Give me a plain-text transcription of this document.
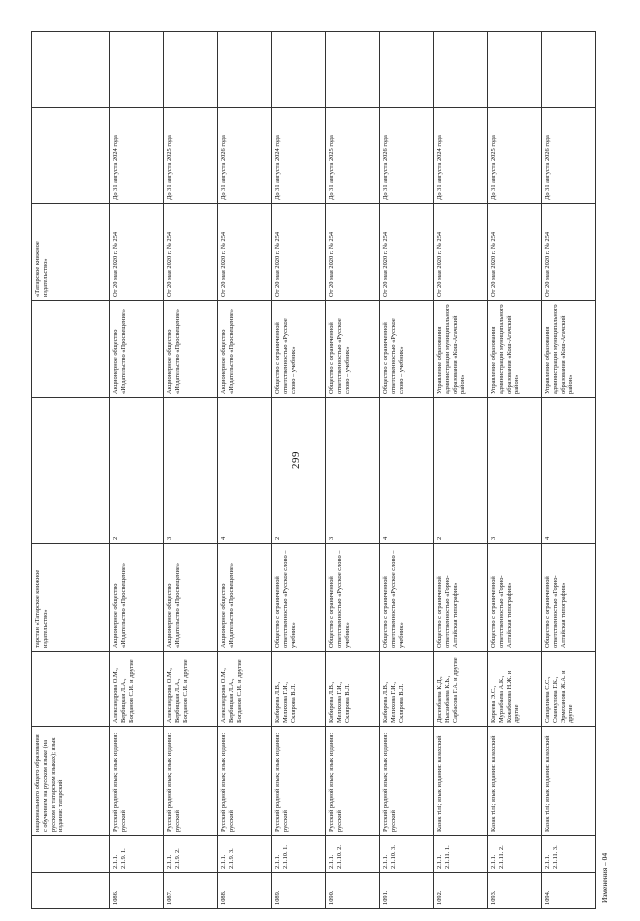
299
		национального общего образования с обучением на русском языке (на русском и татарском языках); язык издания: татарский		тарстан «Татарское книжное издательство»			«Татарское книжное издательство»		
1086.	2.1.1. 2.1.9. 1.	Русский родной язык; язык издания: русский	Александрова О.М., Вербицкая Л.А., Богданов С.И. и другие	Акционерное общество «Издательство «Просвещение»	2	Акционерное общество «Издательство «Просвещение»	От 20 мая 2020 г. № 254	До 31 августа 2024 года	
1087.	2.1.1. 2.1.9. 2.	Русский родной язык; язык издания: русский	Александрова О.М., Вербицкая Л.А., Богданов С.И. и другие	Акционерное общество «Издательство «Просвещение»	3	Акционерное общество «Издательство «Просвещение»	От 20 мая 2020 г. № 254	До 31 августа 2025 года	
1088.	2.1.1. 2.1.9. 3.	Русский родной язык; язык издания: русский	Александрова О.М., Вербицкая Л.А., Богданов С.И. и другие	Акционерное общество «Издательство «Просвещение»	4	Акционерное общество «Издательство «Просвещение»	От 20 мая 2020 г. № 254	До 31 августа 2026 года	
1089.	2.1.1. 2.1.10. 1.	Русский родной язык; язык издания: русский	Кибирева Л.В., Мелихова Г.И., Склярова В.Л.	Общество с ограниченной ответственностью «Русское слово – учебник»	2	Общество с ограниченной ответственностью «Русское слово – учебник»	От 20 мая 2020 г. № 254	До 31 августа 2024 года	
1090.	2.1.1. 2.1.10. 2.	Русский родной язык; язык издания: русский	Кибирева Л.В., Мелихова Г.И., Склярова В.Л.	Общество с ограниченной ответственностью «Русское слово – учебник»	3	Общество с ограниченной ответственностью «Русское слово – учебник»	От 20 мая 2020 г. № 254	До 31 августа 2025 года	
1091.	2.1.1. 2.1.10. 3.	Русский родной язык; язык издания: русский	Кибирева Л.В., Мелихова Г.И., Склярова В.Л.	Общество с ограниченной ответственностью «Русское слово – учебник»	4	Общество с ограниченной ответственностью «Русское слово – учебник»	От 20 мая 2020 г. № 254	До 31 августа 2026 года	
1092.	2.1.1. 2.1.11. 1.	Казак тiлi; язык издания: казахский	Дисенбаева К.Д., Нысанбаева К.Ь., Сарбасова Г.А. и другие	Общество с ограниченной ответственностью «Горно-Алтайская типография»	2	Управление образования администрации муниципального образования «Кош-Агачский район»	От 20 мая 2020 г. № 254	До 31 августа 2024 года	
1093.	2.1.1. 2.1.11. 2.	Казак тiлi; язык издания: казахский	Киреева Э.С., Мурзабаева А.К., Кожабекова Н.Ж. и другие	Общество с ограниченной ответственностью «Горно-Алтайская типография»	3	Управление образования администрации муниципального образования «Кош-Агачский район»	От 20 мая 2020 г. № 254	До 31 августа 2025 года	
1094.	2.1.1. 2.1.11. 3.	Казак тiлi; язык издания: казахский	Сапарлиева С.С., Сманкулова Г.К., Эрмеханова Ж.А. и другие	Общество с ограниченной ответственностью «Горно-Алтайская типография»	4	Управление образования администрации муниципального образования «Кош-Агачский район»	От 20 мая 2020 г. № 254	До 31 августа 2026 года	
Изменения – 04
